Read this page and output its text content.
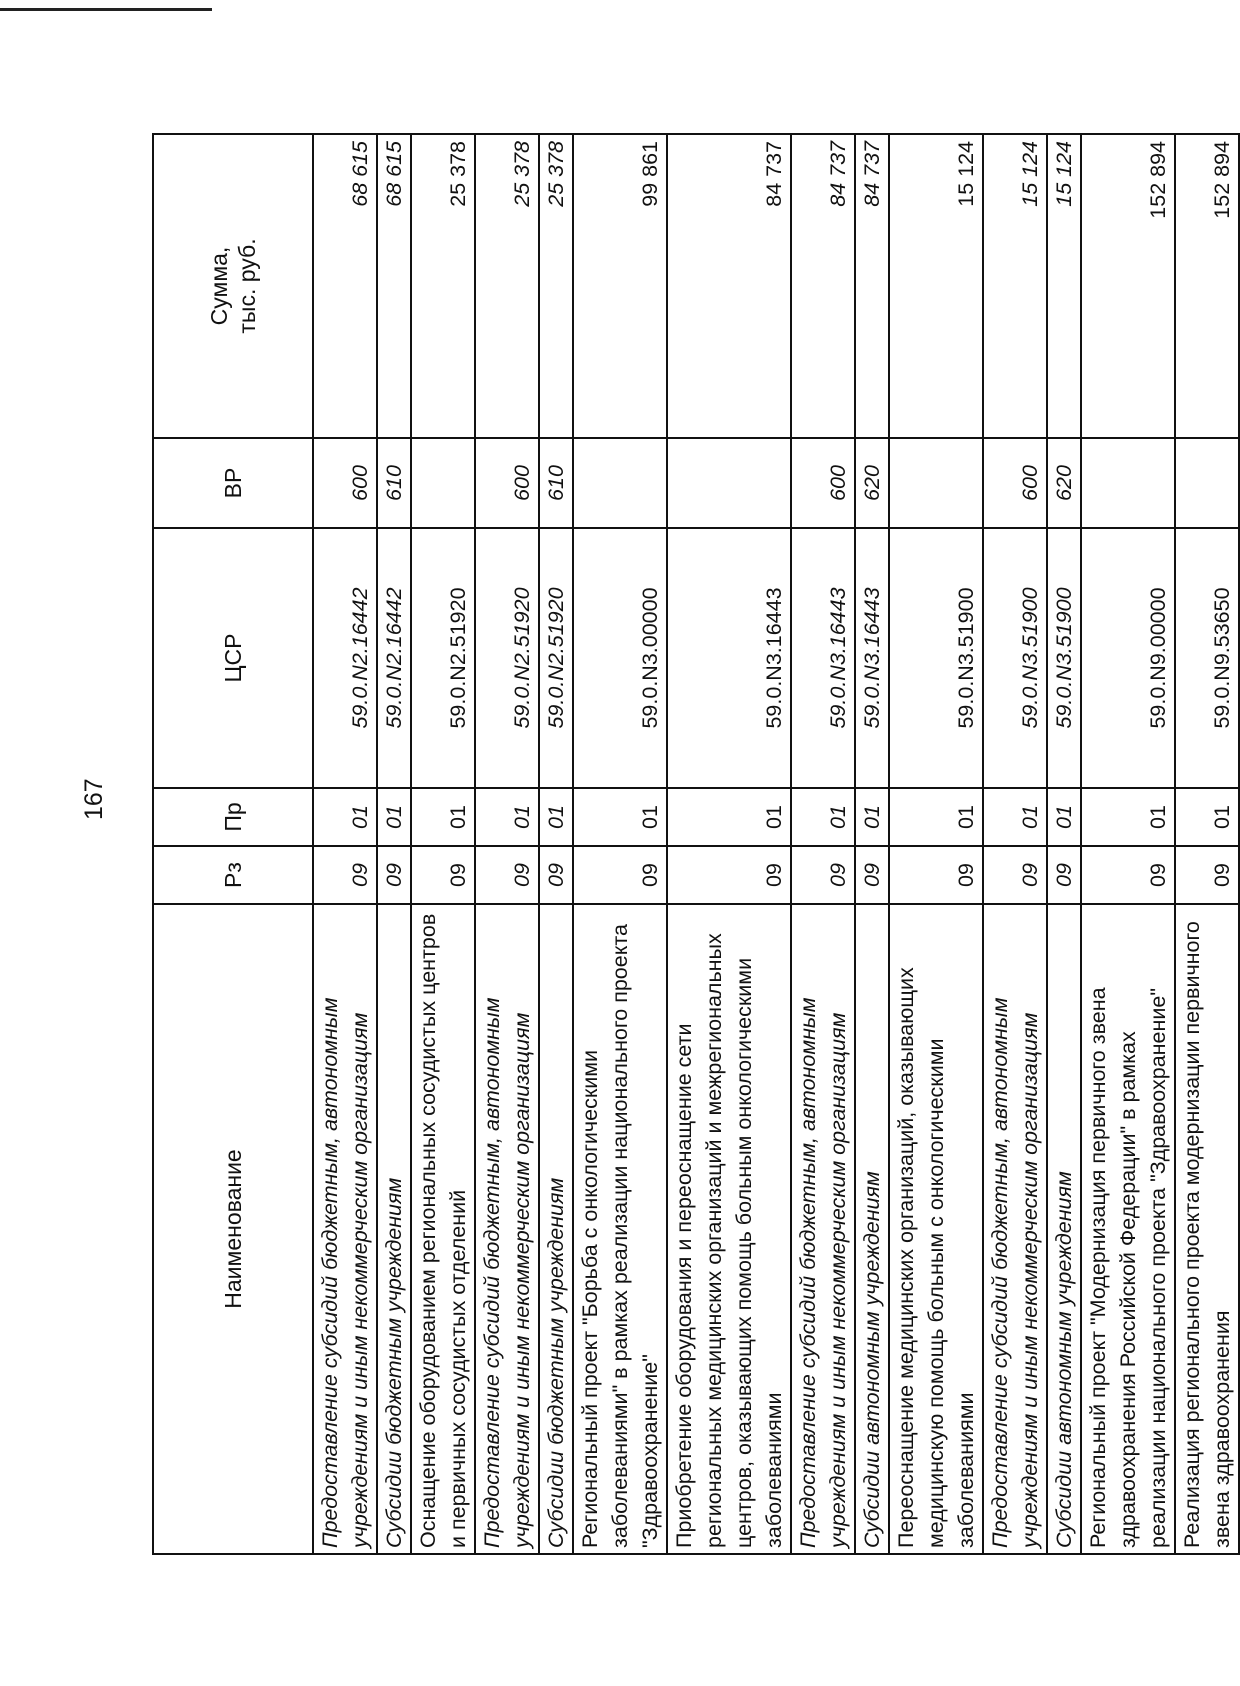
167
Наименование	Рз	Пр	ЦСР	ВР	Сумма,
тыс. руб.
Предоставление субсидий бюджетным, автономным учреждениям и иным некоммерческим организациям	09	01	59.0.N2.16442	600	68 615
Субсидии бюджетным учреждениям	09	01	59.0.N2.16442	610	68 615
Оснащение оборудованием региональных сосудистых центров и первичных сосудистых отделений	09	01	59.0.N2.51920		25 378
Предоставление субсидий бюджетным, автономным учреждениям и иным некоммерческим организациям	09	01	59.0.N2.51920	600	25 378
Субсидии бюджетным учреждениям	09	01	59.0.N2.51920	610	25 378
Региональный проект "Борьба с онкологическими заболеваниями" в рамках реализации национального проекта "Здравоохранение"	09	01	59.0.N3.00000		99 861
Приобретение оборудования и переоснащение сети региональных медицинских организаций и межрегиональных центров, оказывающих помощь больным онкологическими заболеваниями	09	01	59.0.N3.16443		84 737
Предоставление субсидий бюджетным, автономным учреждениям и иным некоммерческим организациям	09	01	59.0.N3.16443	600	84 737
Субсидии автономным учреждениям	09	01	59.0.N3.16443	620	84 737
Переоснащение медицинских организаций, оказывающих медицинскую помощь больным с онкологическими заболеваниями	09	01	59.0.N3.51900		15 124
Предоставление субсидий бюджетным, автономным учреждениям и иным некоммерческим организациям	09	01	59.0.N3.51900	600	15 124
Субсидии автономным учреждениям	09	01	59.0.N3.51900	620	15 124
Региональный проект "Модернизация первичного звена здравоохранения Российской Федерации" в рамках реализации национального проекта "Здравоохранение"	09	01	59.0.N9.00000		152 894
Реализация регионального проекта модернизации первичного звена здравоохранения	09	01	59.0.N9.53650		152 894
